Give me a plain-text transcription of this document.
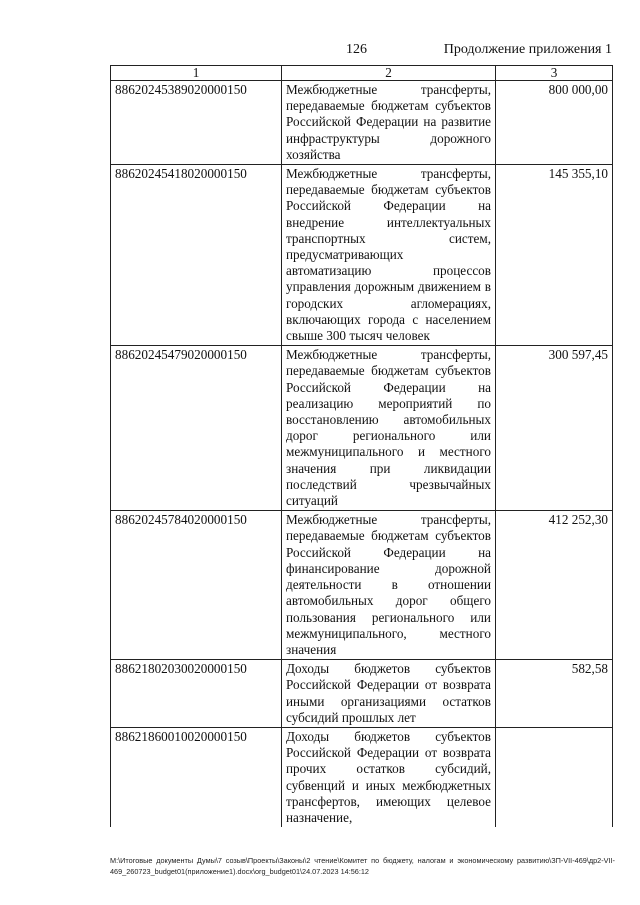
126	Продолжение приложения 1
1	2	3
88620245389020000150	Межбюджетные трансферты, передаваемые бюджетам субъектов Российской Федерации на развитие инфраструктуры дорожного хозяйства	800 000,00
88620245418020000150	Межбюджетные трансферты, передаваемые бюджетам субъектов Российской Федерации на внедрение интеллектуальных транспортных систем, предусматривающих автоматизацию процессов управления дорожным движением в городских агломерациях, включающих города с населением свыше 300 тысяч человек	145 355,10
88620245479020000150	Межбюджетные трансферты, передаваемые бюджетам субъектов Российской Федерации на реализацию мероприятий по восстановлению автомобильных дорог регионального или межмуниципального и местного значения при ликвидации последствий чрезвычайных ситуаций	300 597,45
88620245784020000150	Межбюджетные трансферты, передаваемые бюджетам субъектов Российской Федерации на финансирование дорожной деятельности в отношении автомобильных дорог общего пользования регионального или межмуниципального, местного значения	412 252,30
88621802030020000150	Доходы бюджетов субъектов Российской Федерации от возврата иными организациями остатков субсидий прошлых лет	582,58
88621860010020000150	Доходы бюджетов субъектов Российской Федерации от возврата прочих остатков субсидий, субвенций и иных межбюджетных трансфертов, имеющих целевое назначение,	
M:\Итоговые документы Думы\7 созыв\Проекты\Законы\2 чтение\Комитет по бюджету, налогам и экономическому развитию\ЗП-VII-469\др2-VII-469_260723_budget01(приложение1).docx\org_budget01\24.07.2023 14:56:12
